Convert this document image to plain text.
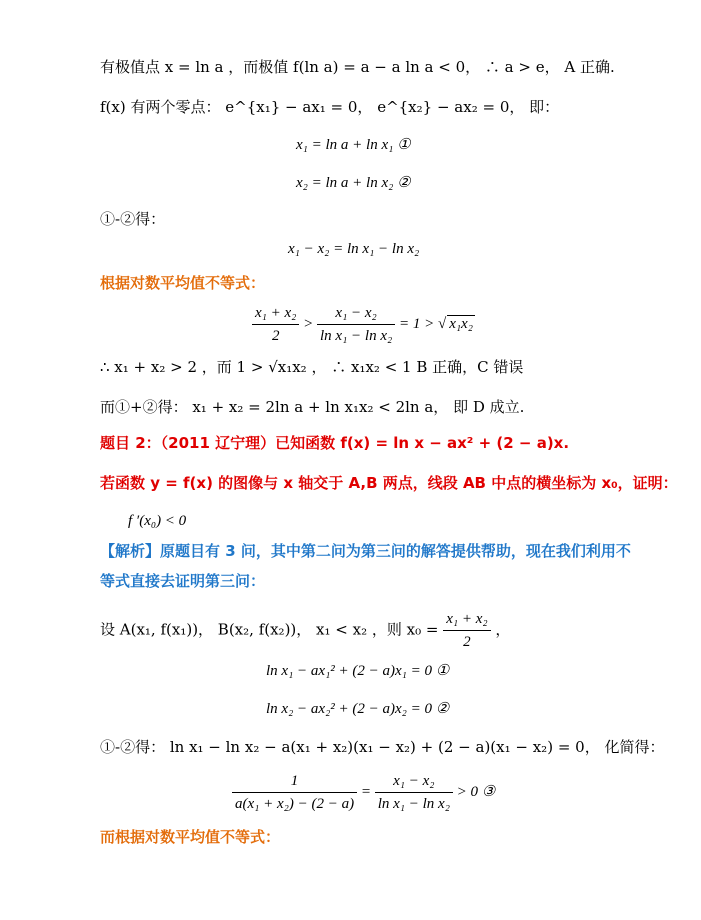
有极值点 x = ln a ，而极值 f(ln a) = a − a ln a < 0， ∴ a > e， A 正确.
f(x) 有两个零点： e^{x₁} − ax₁ = 0， e^{x₂} − ax₂ = 0， 即：
x₁ = ln a + ln x₁ ①
x₂ = ln a + ln x₂ ②
①-②得：
x₁ − x₂ = ln x₁ − ln x₂
根据对数平均值不等式：
$\frac{\text{x₁ + x₂}}{2} > \frac{\text{x₁ − x₂}}{\text{ln x₁ − ln x₂}} = 1$ > √ x₁x₂
∴ x₁ + x₂ > 2 ，而 1 > √x₁x₂ ， ∴ x₁x₂ < 1 B 正确，C 错误
而①+②得： x₁ + x₂ = 2ln a + ln x₁x₂ < 2ln a， 即 D 成立.
题目 2：（2011 辽宁理）已知函数 f(x) = ln x − ax² + (2 − a)x.
若函数 y = f(x) 的图像与 x 轴交于 A,B 两点，线段 AB 中点的横坐标为 x₀，证明：
f ′(x₀) < 0
【解析】原题目有 3 问，其中第二问为第三问的解答提供帮助，现在我们利用不
等式直接去证明第三问：
设 A(x₁, f(x₁))， B(x₂, f(x₂))， x₁ < x₂ ，则 $x_0 = \frac{\text{x₁ + x₂}}{2}$ ，
ln x₁ − ax₁² + (2 − a)x₁ = 0 ①
ln x₂ − ax₂² + (2 − a)x₂ = 0 ②
①-②得： ln x₁ − ln x₂ − a(x₁ + x₂)(x₁ − x₂) + (2 − a)(x₁ − x₂) = 0， 化简得：
$\frac{1}{\text{a(x₁ + x₂) − (2 − a)}} = \frac{\text{x₁ − x₂}}{\text{ln x₁ − ln x₂}} > 0$ ③
而根据对数平均值不等式：
